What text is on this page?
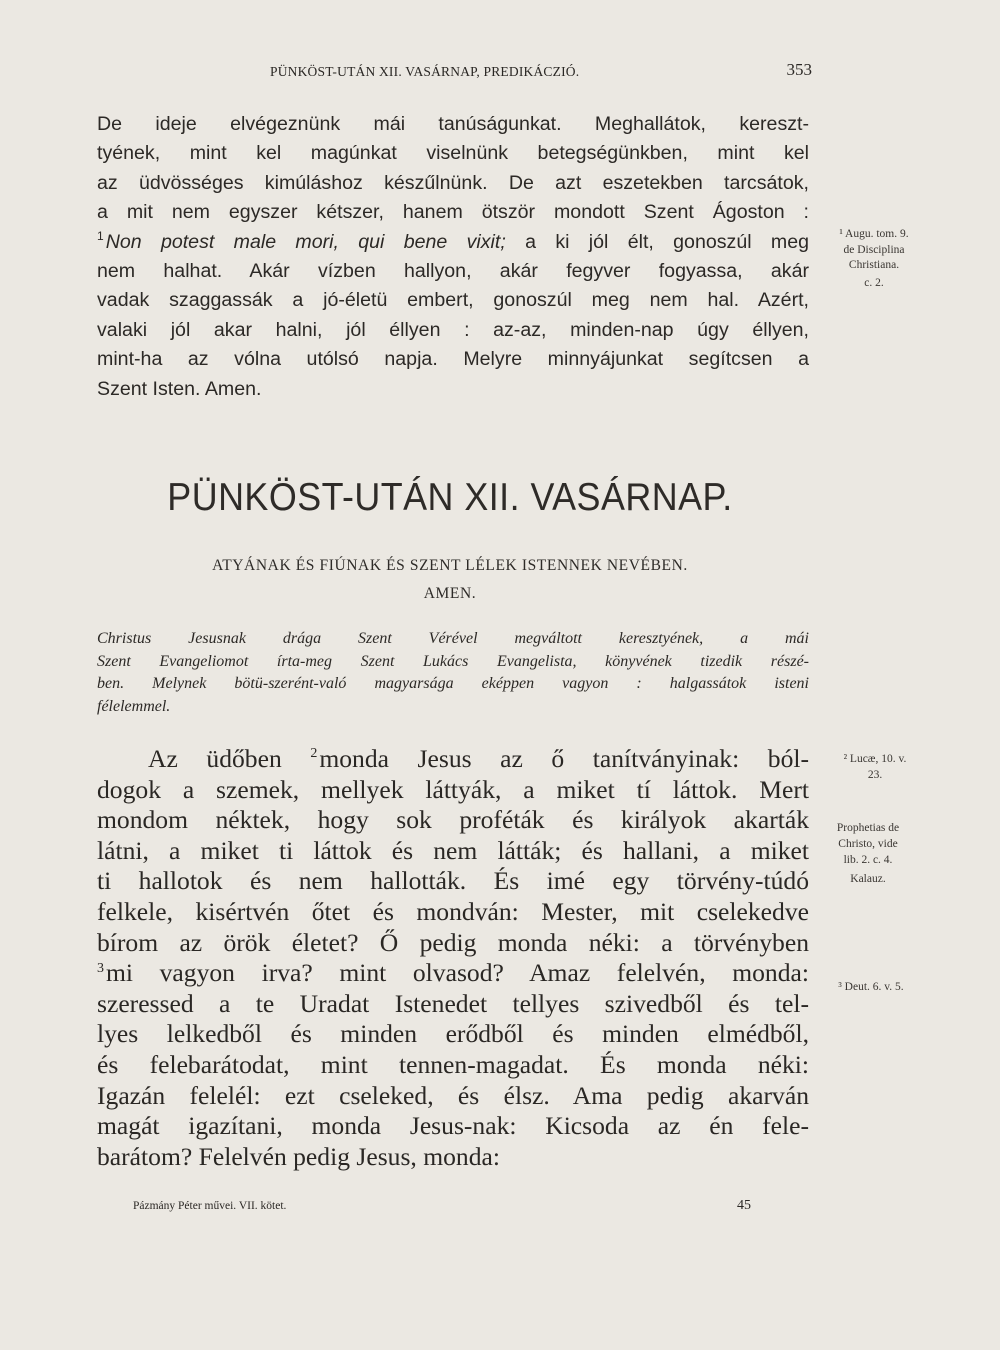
PÜNKÖST-UTÁN XII. VASÁRNAP, PREDIKÁCZIÓ.	353
De ideje elvégeznünk mái tanúságunkat. Meghallátok, kereszt-
tyének, mint kel magúnkat viselnünk betegségünkben, mint kel
az üdvösséges kimúláshoz készűlnünk. De azt eszetekben tarcsátok,
a mit nem egyszer kétszer, hanem ötször mondott Szent Ágoston :
$^1$ Non potest male mori, qui bene vixit; a ki jól élt, gonoszúl meg
nem halhat. Akár vízben hallyon, akár fegyver fogyassa, akár
vadak szaggassák a jó-életü embert, gonoszúl meg nem hal. Azért,
valaki jól akar halni, jól éllyen : az-az, minden-nap úgy éllyen,
mint-ha az vólna utólsó napja. Melyre minnyájunkat segítcsen a
Szent Isten. Amen.
¹ Augu. tom. 9.
de Disciplina
Christiana.
c. 2.
PÜNKÖST-UTÁN XII. VASÁRNAP.
ATYÁNAK ÉS FIÚNAK ÉS SZENT LÉLEK ISTENNEK NEVÉBEN.
AMEN.
Christus Jesusnak drága Szent Vérével megváltott keresztyének, a mái
Szent Evangeliomot írta-meg Szent Lukács Evangelista, könyvének tizedik részé-
ben. Melynek bötü-szerént-való magyarsága eképpen vagyon : halgassátok isteni
félelemmel.
Az üdőben $^2$monda Jesus az ő tanítványinak: ból-
dogok a szemek, mellyek láttyák, a miket tí láttok. Mert
mondom néktek, hogy sok proféták és királyok akarták
látni, a miket ti láttok és nem látták; és hallani, a miket
ti hallotok és nem hallották. És imé egy törvény-túdó
felkele, kisértvén őtet és mondván: Mester, mit cselekedve
bírom az örök életet? Ő pedig monda néki: a törvényben
$^3$mi vagyon irva? mint olvasod? Amaz felelvén, monda:
szeressed a te Uradat Istenedet tellyes szivedből és tel-
lyes lelkedből és minden erődből és minden elmédből,
és felebarátodat, mint tennen-magadat. És monda néki:
Igazán felelél: ezt cseleked, és élsz. Ama pedig akarván
magát igazítani, monda Jesus-nak: Kicsoda az én fele-
barátom? Felelvén pedig Jesus, monda:
² Lucæ, 10. v.
23.
Prophetias de
Christo, vide
lib. 2. c. 4.
Kalauz.
³ Deut. 6. v. 5.
Pázmány Péter művei. VII. kötet.	45
